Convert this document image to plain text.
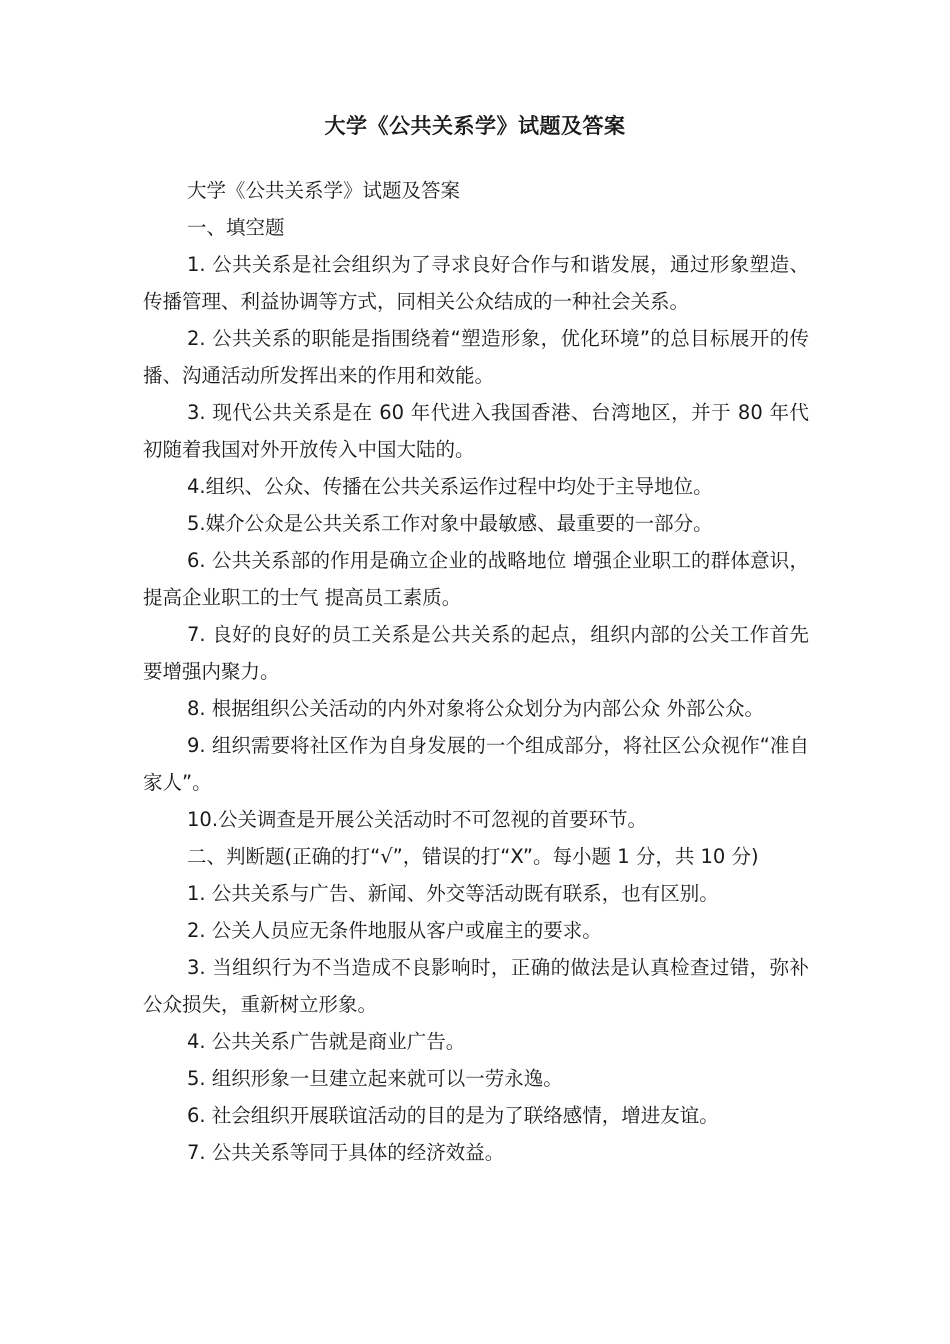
大学《公共关系学》试题及答案

大学《公共关系学》试题及答案

一、填空题

1. 公共关系是社会组织为了寻求良好合作与和谐发展，通过形象塑造、传播管理、利益协调等方式，同相关公众结成的一种社会关系。

2. 公共关系的职能是指围绕着“塑造形象，优化环境”的总目标展开的传播、沟通活动所发挥出来的作用和效能。

3. 现代公共关系是在 60 年代进入我国香港、台湾地区，并于 80 年代初随着我国对外开放传入中国大陆的。

4.组织、公众、传播在公共关系运作过程中均处于主导地位。

5.媒介公众是公共关系工作对象中最敏感、最重要的一部分。

6. 公共关系部的作用是确立企业的战略地位 增强企业职工的群体意识，提高企业职工的士气 提高员工素质。

7. 良好的良好的员工关系是公共关系的起点，组织内部的公关工作首先要增强内聚力。

8. 根据组织公关活动的内外对象将公众划分为内部公众 外部公众。

9. 组织需要将社区作为自身发展的一个组成部分，将社区公众视作“准自家人”。

10.公关调查是开展公关活动时不可忽视的首要环节。

二、判断题(正确的打“√”，错误的打“X”。每小题 1 分，共 10 分)

1. 公共关系与广告、新闻、外交等活动既有联系，也有区别。

2. 公关人员应无条件地服从客户或雇主的要求。

3. 当组织行为不当造成不良影响时，正确的做法是认真检查过错，弥补公众损失，重新树立形象。

4. 公共关系广告就是商业广告。

5. 组织形象一旦建立起来就可以一劳永逸。

6. 社会组织开展联谊活动的目的是为了联络感情，增进友谊。

7. 公共关系等同于具体的经济效益。
